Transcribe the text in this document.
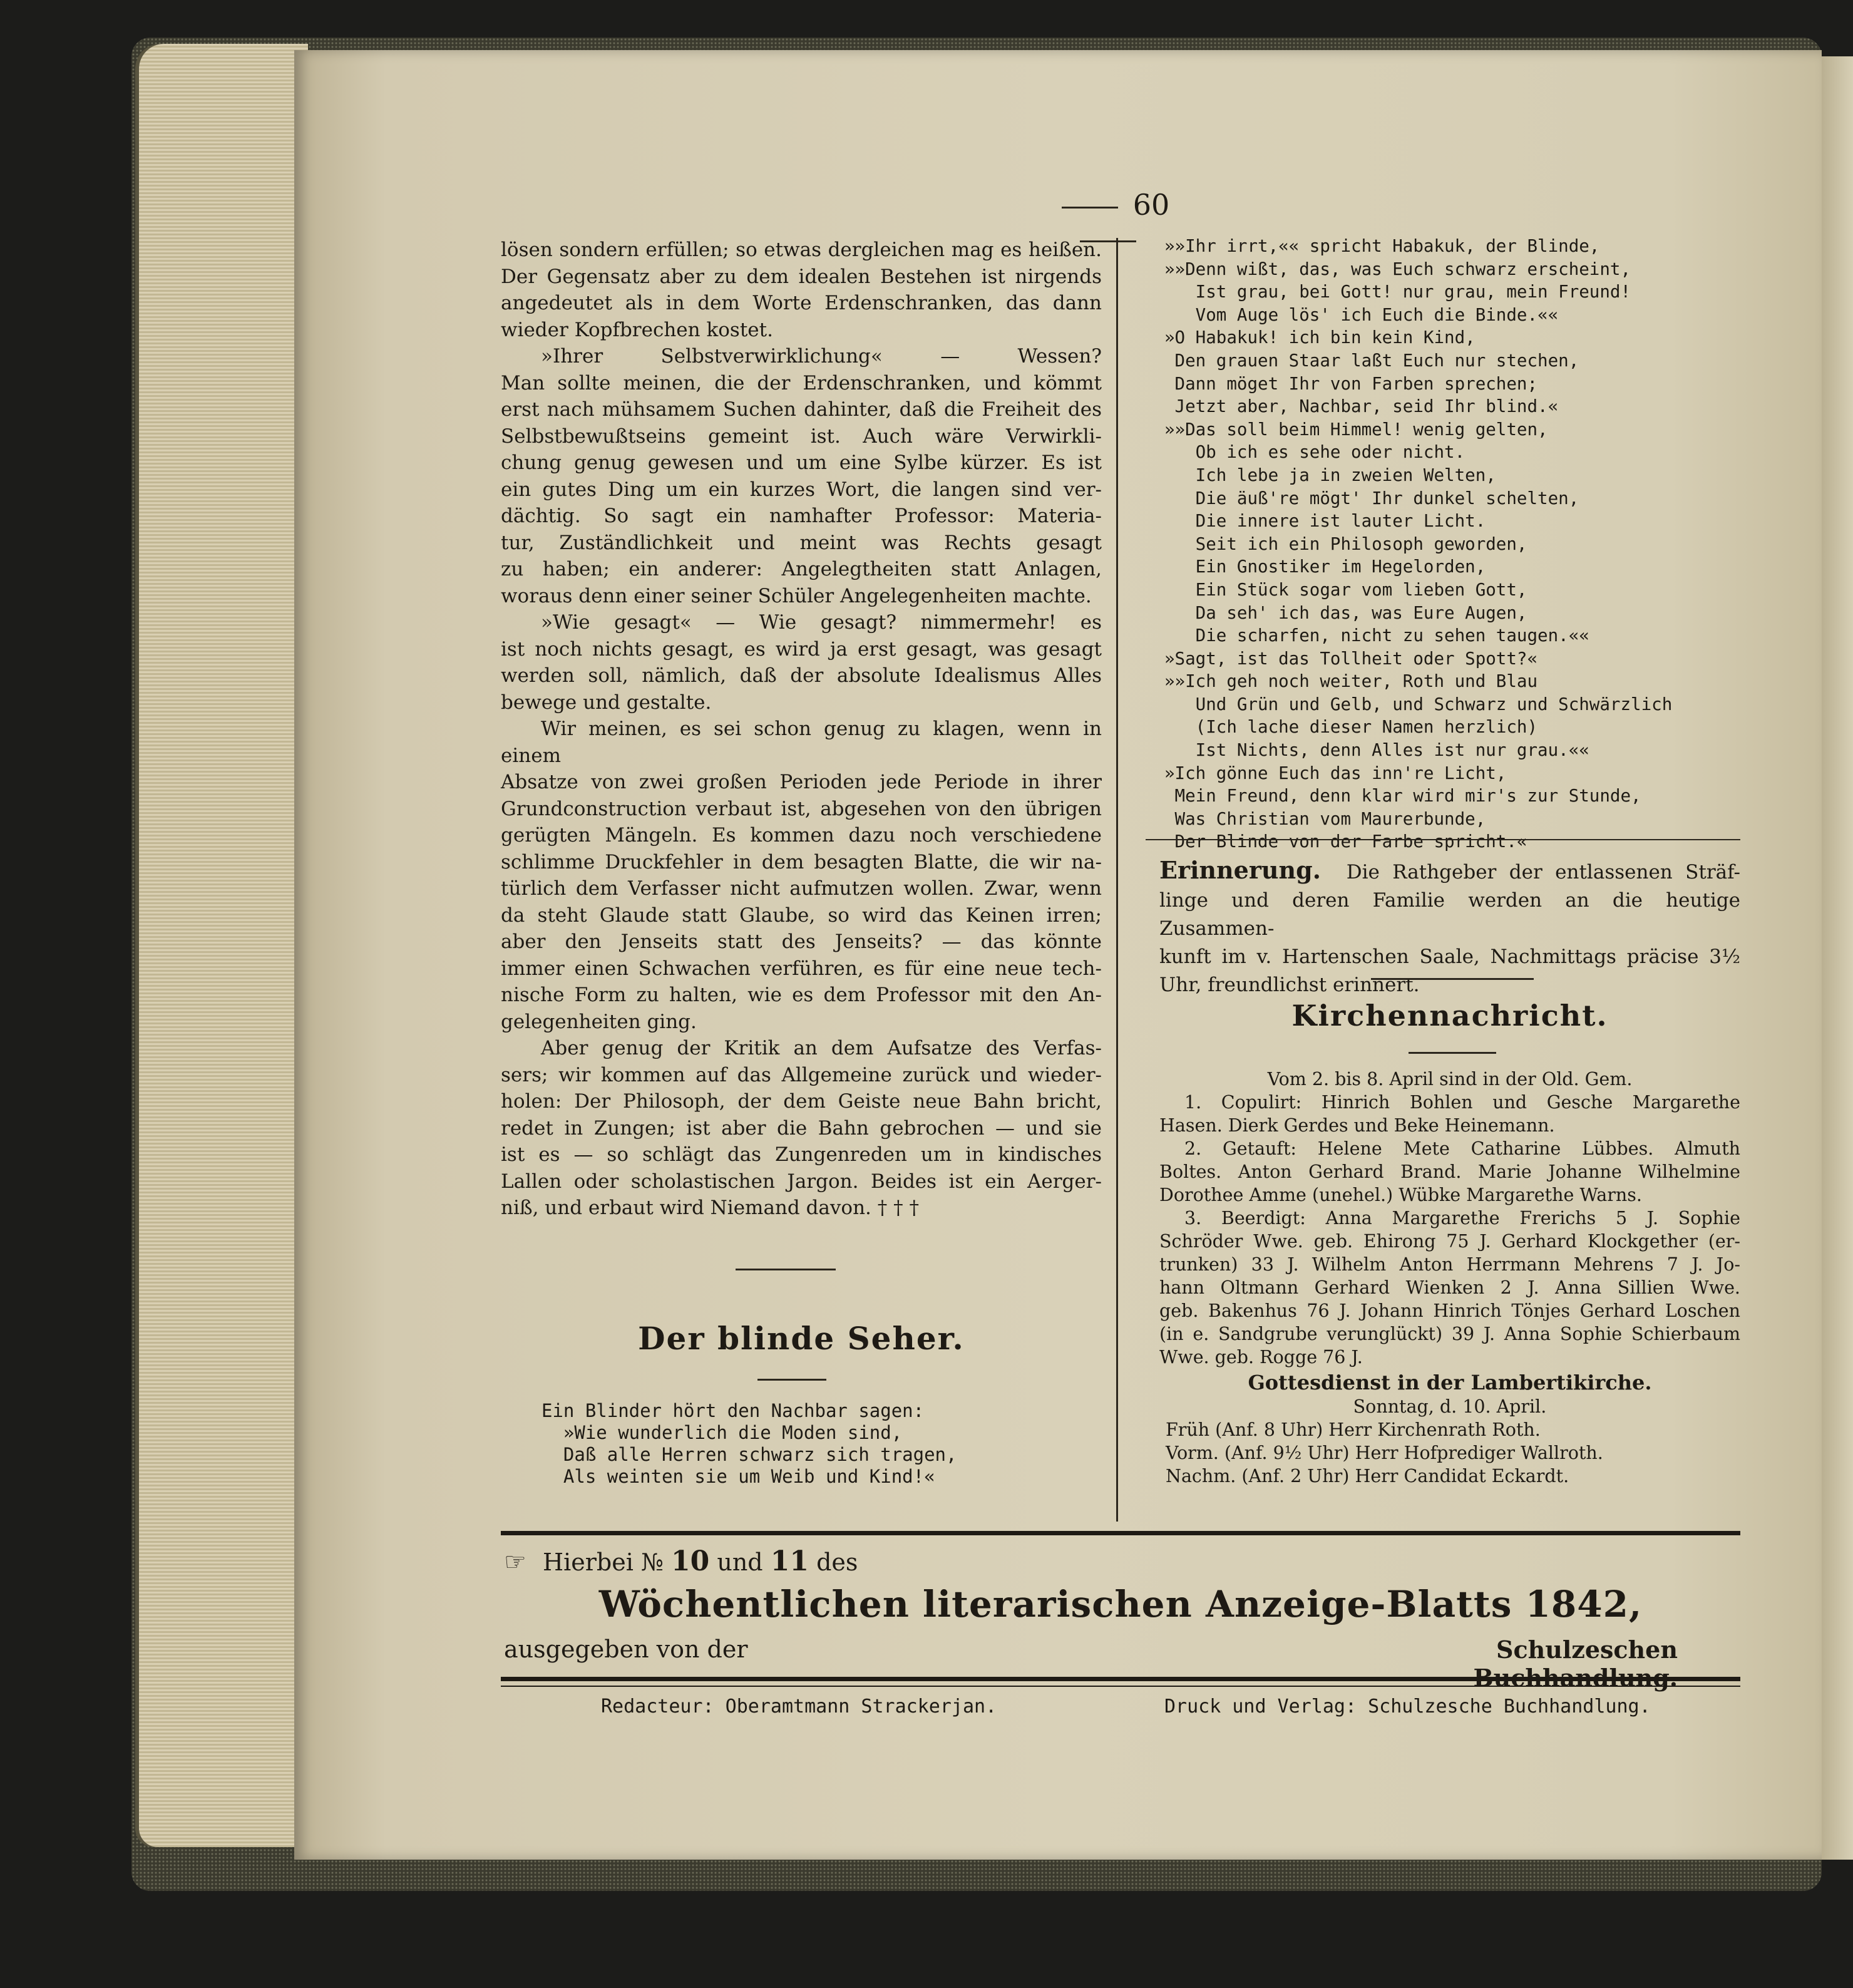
60

lösen sondern erfüllen; so etwas dergleichen mag es heißen.

Der Gegensatz aber zu dem idealen Bestehen ist nirgends

angedeutet als in dem Worte Erdenschranken, das dann

wieder Kopfbrechen kostet.

»Ihrer Selbstverwirklichung« — Wessen?

Man sollte meinen, die der Erdenschranken, und kömmt

erst nach mühsamem Suchen dahinter, daß die Freiheit des

Selbstbewußtseins gemeint ist. Auch wäre Verwirkli-

chung genug gewesen und um eine Sylbe kürzer. Es ist

ein gutes Ding um ein kurzes Wort, die langen sind ver-

dächtig. So sagt ein namhafter Professor: Materia-

tur, Zuständlichkeit und meint was Rechts gesagt

zu haben; ein anderer: Angelegtheiten statt Anlagen,

woraus denn einer seiner Schüler Angelegenheiten machte.

»Wie gesagt« — Wie gesagt? nimmermehr! es

ist noch nichts gesagt, es wird ja erst gesagt, was gesagt

werden soll, nämlich, daß der absolute Idealismus Alles

bewege und gestalte.

Wir meinen, es sei schon genug zu klagen, wenn in einem

Absatze von zwei großen Perioden jede Periode in ihrer

Grundconstruction verbaut ist, abgesehen von den übrigen

gerügten Mängeln. Es kommen dazu noch verschiedene

schlimme Druckfehler in dem besagten Blatte, die wir na-

türlich dem Verfasser nicht aufmutzen wollen. Zwar, wenn

da steht Glaude statt Glaube, so wird das Keinen irren;

aber den Jenseits statt des Jenseits? — das könnte

immer einen Schwachen verführen, es für eine neue tech-

nische Form zu halten, wie es dem Professor mit den An-

gelegenheiten ging.

Aber genug der Kritik an dem Aufsatze des Verfas-

sers; wir kommen auf das Allgemeine zurück und wieder-

holen: Der Philosoph, der dem Geiste neue Bahn bricht,

redet in Zungen; ist aber die Bahn gebrochen — und sie

ist es — so schlägt das Zungenreden um in kindisches

Lallen oder scholastischen Jargon. Beides ist ein Aerger-

niß, und erbaut wird Niemand davon. † † †

Der blinde Seher.
Ein Blinder hört den Nachbar sagen:
»Wie wunderlich die Moden sind,
Daß alle Herren schwarz sich tragen,
Als weinten sie um Weib und Kind!«
»»Ihr irrt,«« spricht Habakuk, der Blinde,
»»Denn wißt, das, was Euch schwarz erscheint,
Ist grau, bei Gott! nur grau, mein Freund!
Vom Auge lös' ich Euch die Binde.««
»O Habakuk! ich bin kein Kind,
Den grauen Staar laßt Euch nur stechen,
Dann möget Ihr von Farben sprechen;
Jetzt aber, Nachbar, seid Ihr blind.«
»»Das soll beim Himmel! wenig gelten,
Ob ich es sehe oder nicht.
Ich lebe ja in zweien Welten,
Die äuß're mögt' Ihr dunkel schelten,
Die innere ist lauter Licht.
Seit ich ein Philosoph geworden,
Ein Gnostiker im Hegelorden,
Ein Stück sogar vom lieben Gott,
Da seh' ich das, was Eure Augen,
Die scharfen, nicht zu sehen taugen.««
»Sagt, ist das Tollheit oder Spott?«
»»Ich geh noch weiter, Roth und Blau
Und Grün und Gelb, und Schwarz und Schwärzlich
(Ich lache dieser Namen herzlich)
Ist Nichts, denn Alles ist nur grau.««
»Ich gönne Euch das inn're Licht,
Mein Freund, denn klar wird mir's zur Stunde,
Was Christian vom Maurerbunde,
Der Blinde von der Farbe spricht.«

Erinnerung. Die Rathgeber der entlassenen Sträf-

linge und deren Familie werden an die heutige Zusammen-

kunft im v. Hartenschen Saale, Nachmittags präcise 3½

Uhr, freundlichst erinnert.

Kirchennachricht.

Vom 2. bis 8. April sind in der Old. Gem.

1. Copulirt: Hinrich Bohlen und Gesche Margarethe

Hasen. Dierk Gerdes und Beke Heinemann.

2. Getauft: Helene Mete Catharine Lübbes. Almuth

Boltes. Anton Gerhard Brand. Marie Johanne Wilhelmine

Dorothee Amme (unehel.) Wübke Margarethe Warns.

3. Beerdigt: Anna Margarethe Frerichs 5 J. Sophie

Schröder Wwe. geb. Ehirong 75 J. Gerhard Klockgether (er-

trunken) 33 J. Wilhelm Anton Herrmann Mehrens 7 J. Jo-

hann Oltmann Gerhard Wienken 2 J. Anna Sillien Wwe.

geb. Bakenhus 76 J. Johann Hinrich Tönjes Gerhard Loschen

(in e. Sandgrube verunglückt) 39 J. Anna Sophie Schierbaum

Wwe. geb. Rogge 76 J.

Gottesdienst in der Lambertikirche.

Sonntag, d. 10. April.

Früh (Anf. 8 Uhr) Herr Kirchenrath Roth.

Vorm. (Anf. 9½ Uhr) Herr Hofprediger Wallroth.

Nachm. (Anf. 2 Uhr) Herr Candidat Eckardt.

☞ Hierbei № 10 und 11 des
Wöchentlichen literarischen Anzeige-Blatts 1842,
ausgegeben von der	Schulzeschen Buchhandlung.
Redacteur: Oberamtmann Strackerjan.	Druck und Verlag: Schulzesche Buchhandlung.
